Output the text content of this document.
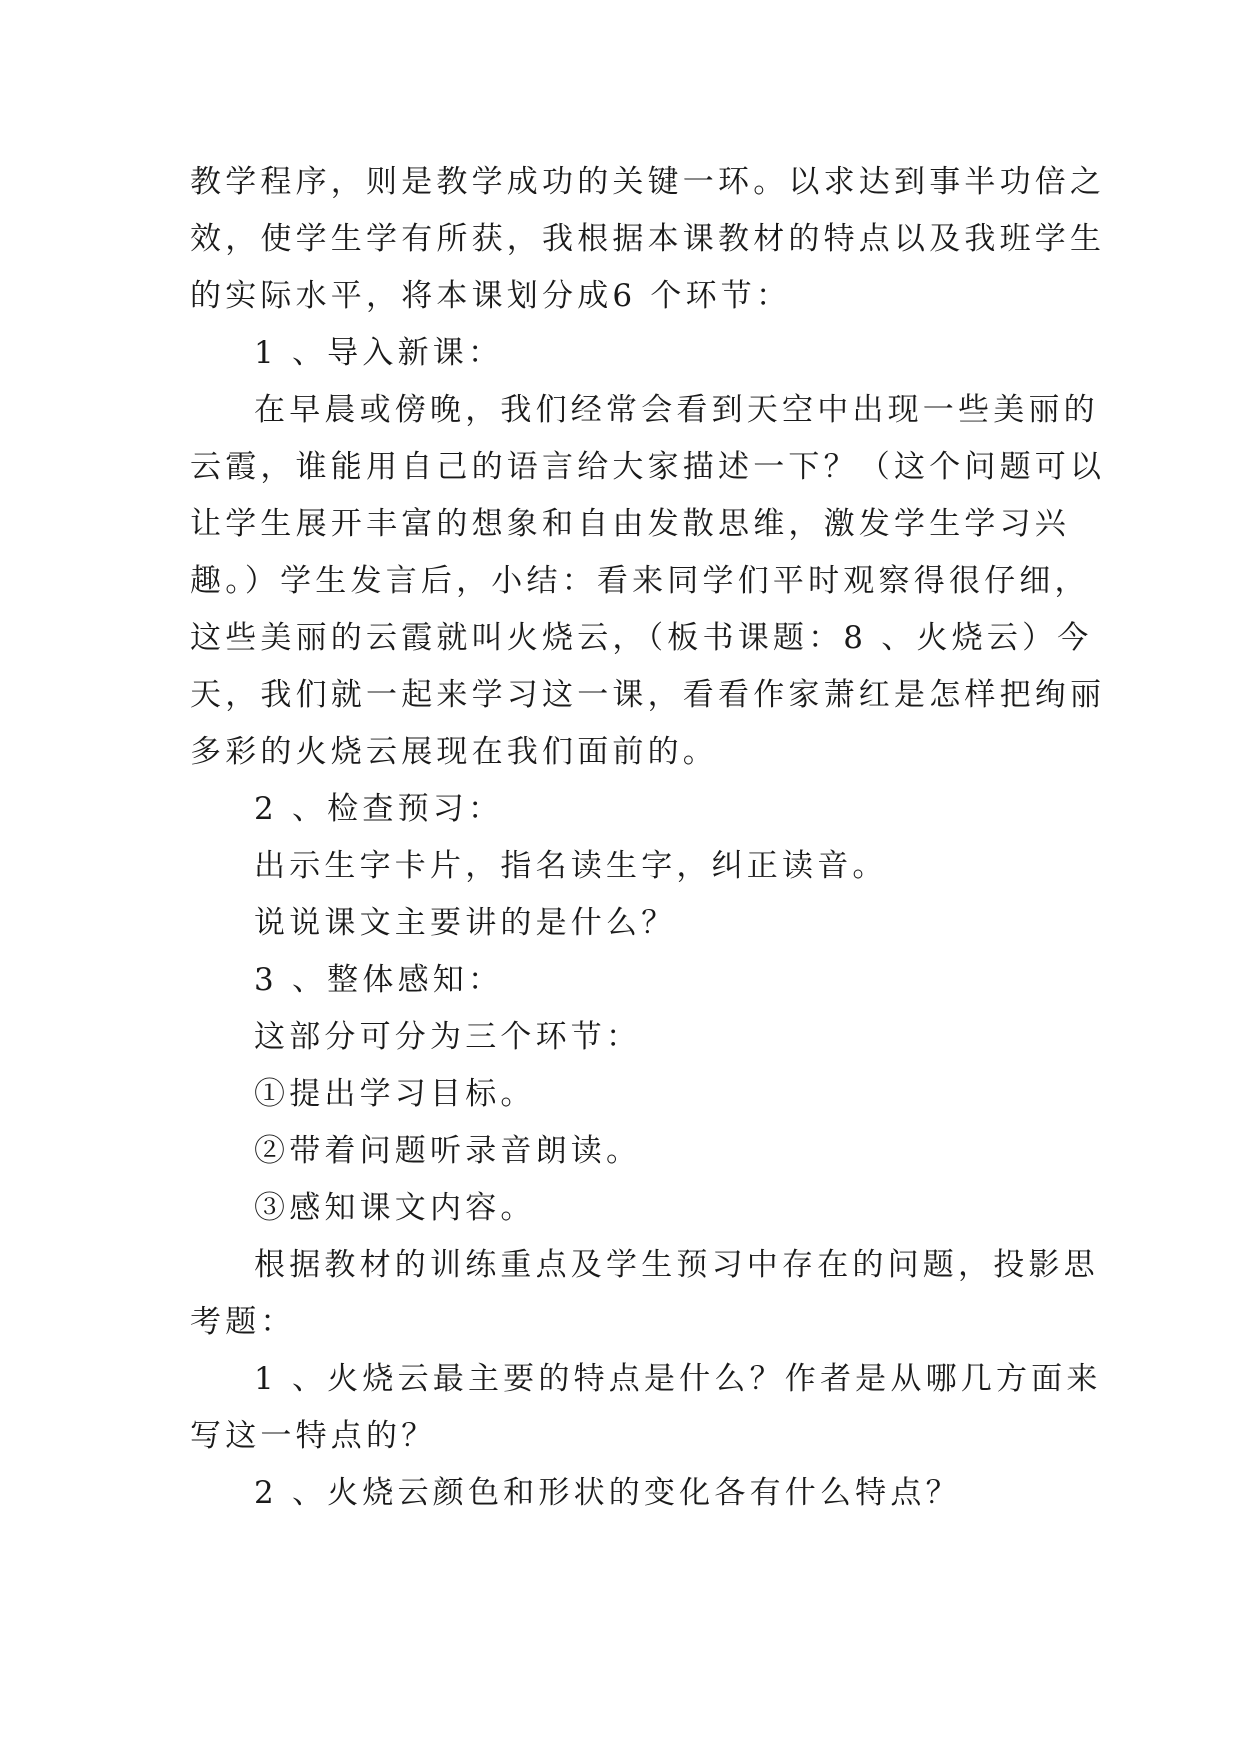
教学程序，则是教学成功的关键一环。以求达到事半功倍之
效，使学生学有所获，我根据本课教材的特点以及我班学生
的实际水平，将本课划分成6 个环节：
1 、导入新课：
在早晨或傍晚，我们经常会看到天空中出现一些美丽的
云霞，谁能用自己的语言给大家描述一下？（这个问题可以
让学生展开丰富的想象和自由发散思维，激发学生学习兴
趣。）学生发言后，小结：看来同学们平时观察得很仔细，
这些美丽的云霞就叫火烧云，（板书课题：8 、火烧云）今
天，我们就一起来学习这一课，看看作家萧红是怎样把绚丽
多彩的火烧云展现在我们面前的。
2 、检查预习：
出示生字卡片，指名读生字，纠正读音。
说说课文主要讲的是什么？
3 、整体感知：
这部分可分为三个环节：
①提出学习目标。
②带着问题听录音朗读。
③感知课文内容。
根据教材的训练重点及学生预习中存在的问题，投影思
考题：
1 、火烧云最主要的特点是什么？作者是从哪几方面来
写这一特点的？
2 、火烧云颜色和形状的变化各有什么特点？
